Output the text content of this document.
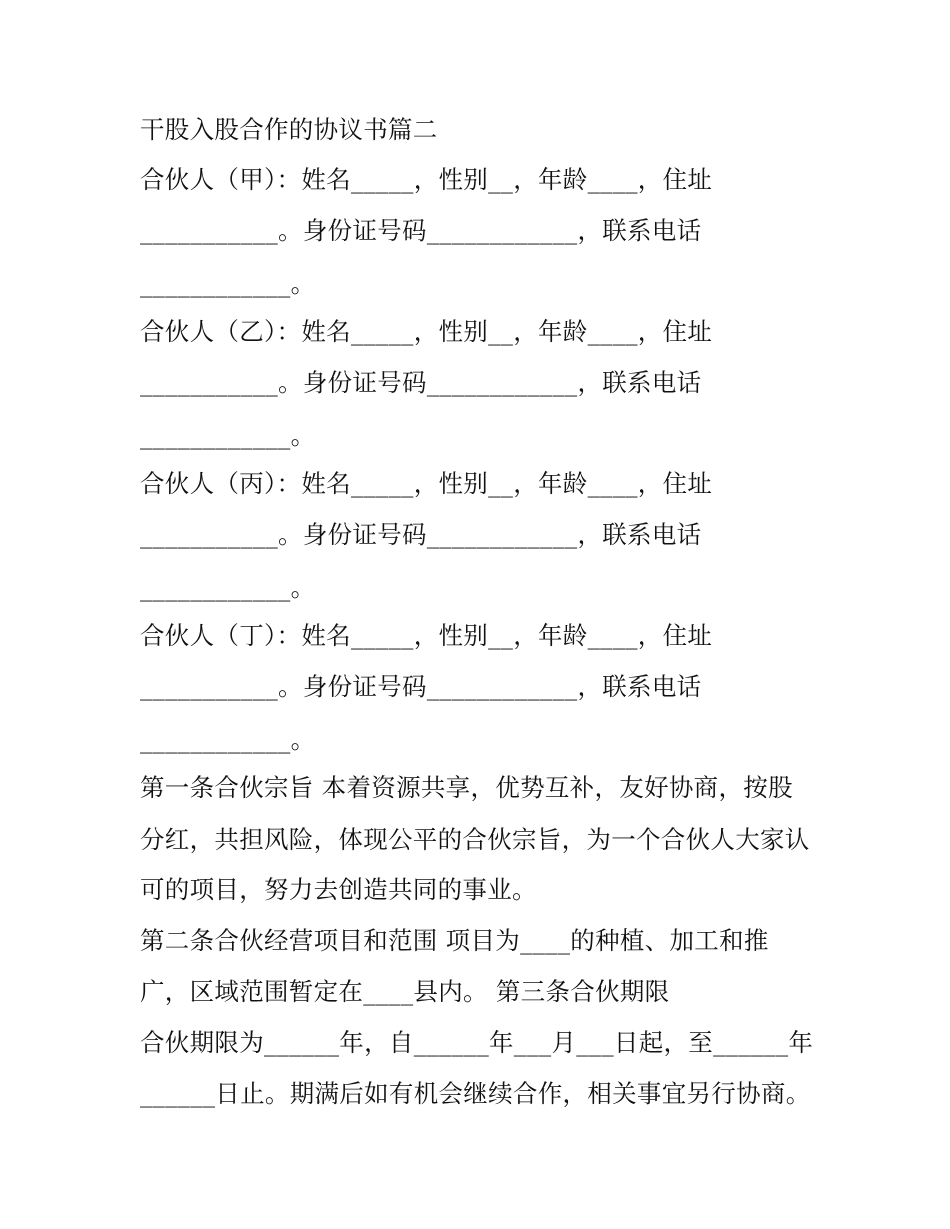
干股入股合作的协议书篇二

合伙人（甲）：姓名_____，性别__，年龄____，住址

___________。身份证号码____________，联系电话

____________。

合伙人（乙）：姓名_____，性别__，年龄____，住址

___________。身份证号码____________，联系电话

____________。

合伙人（丙）：姓名_____，性别__，年龄____，住址

___________。身份证号码____________，联系电话

____________。

合伙人（丁）：姓名_____，性别__，年龄____，住址

___________。身份证号码____________，联系电话

____________。

第一条合伙宗旨 本着资源共享，优势互补，友好协商，按股

分红，共担风险，体现公平的合伙宗旨，为一个合伙人大家认

可的项目，努力去创造共同的事业。

第二条合伙经营项目和范围 项目为____的种植、加工和推

广，区域范围暂定在____县内。 第三条合伙期限

合伙期限为______年，自______年___月___日起，至______年

______日止。期满后如有机会继续合作，相关事宜另行协商。
